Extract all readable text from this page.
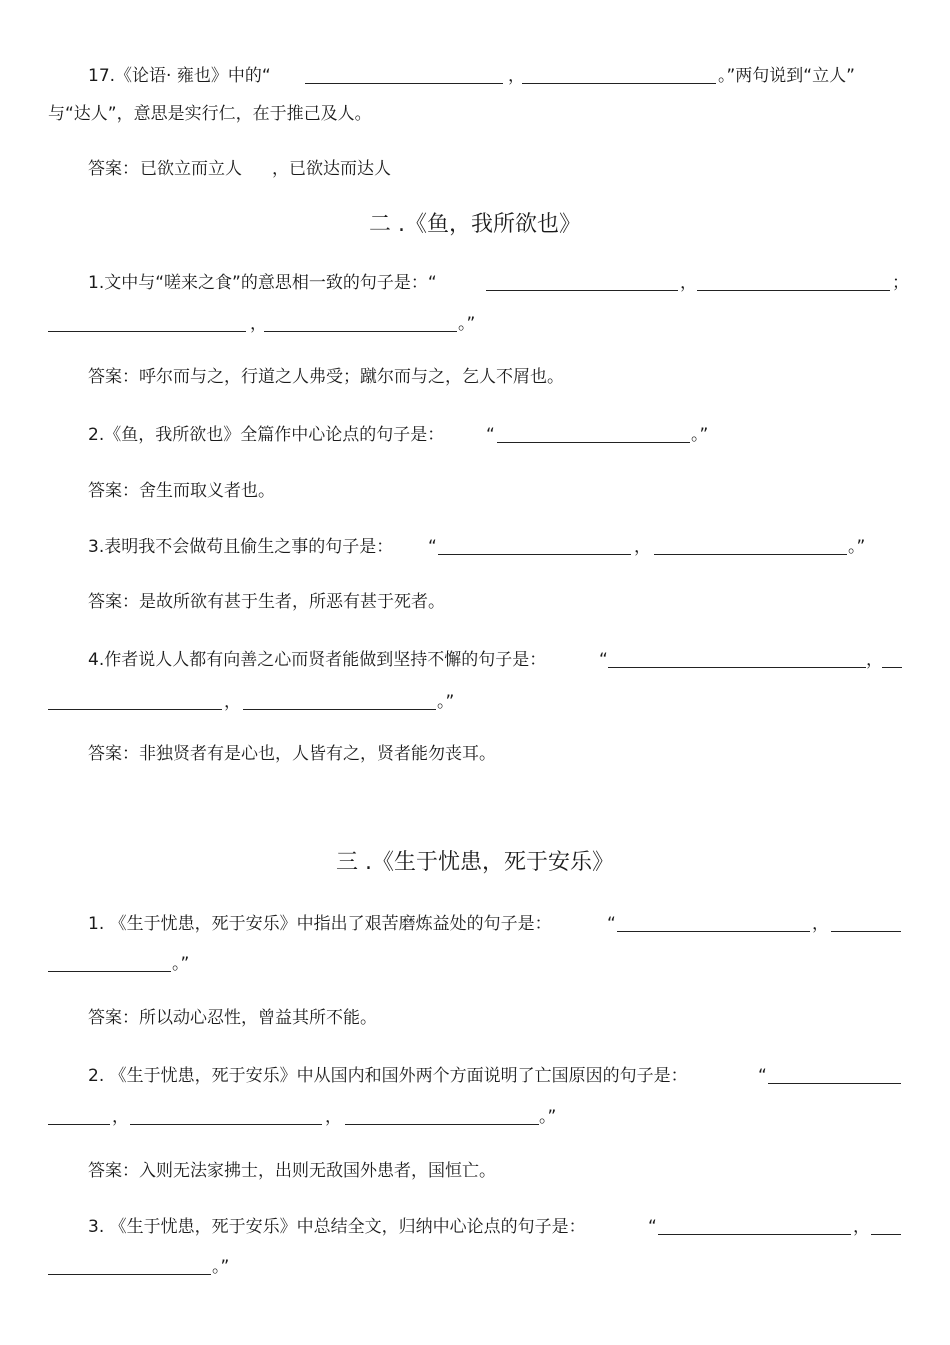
17.《论语· 雍也》中的“	，	。”两句说到“立人”
与“达人”，意思是实行仁，在于推己及人。
答案： 已欲立而立人 ，已欲达而达人
二 .《鱼，我所欲也》
1.文中与“嗟来之食”的意思相一致的句子是：“	，	；
，	。”
答案：呼尔而与之，行道之人弗受；蹴尔而与之，乞人不屑也。
2.《鱼，我所欲也》全篇作中心论点的句子是： “	。”
答案：舍生而取义者也。
3.表明我不会做苟且偷生之事的句子是： “	，	。”
答案：是故所欲有甚于生者，所恶有甚于死者。
4.作者说人人都有向善之心而贤者能做到坚持不懈的句子是：	“	，
，	。”
答案：非独贤者有是心也，人皆有之，贤者能勿丧耳。
三 .《生于忧患，死于安乐》
1. 《生于忧患，死于安乐》中指出了艰苦磨炼益处的句子是：	“	，
。”
答案：所以动心忍性，曾益其所不能。
2. 《生于忧患，死于安乐》中从国内和国外两个方面说明了亡国原因的句子是：	“
，	，	。”
答案：入则无法家拂士，出则无敌国外患者，国恒亡。
3. 《生于忧患，死于安乐》中总结全文，归纳中心论点的句子是：	“	，
。”
